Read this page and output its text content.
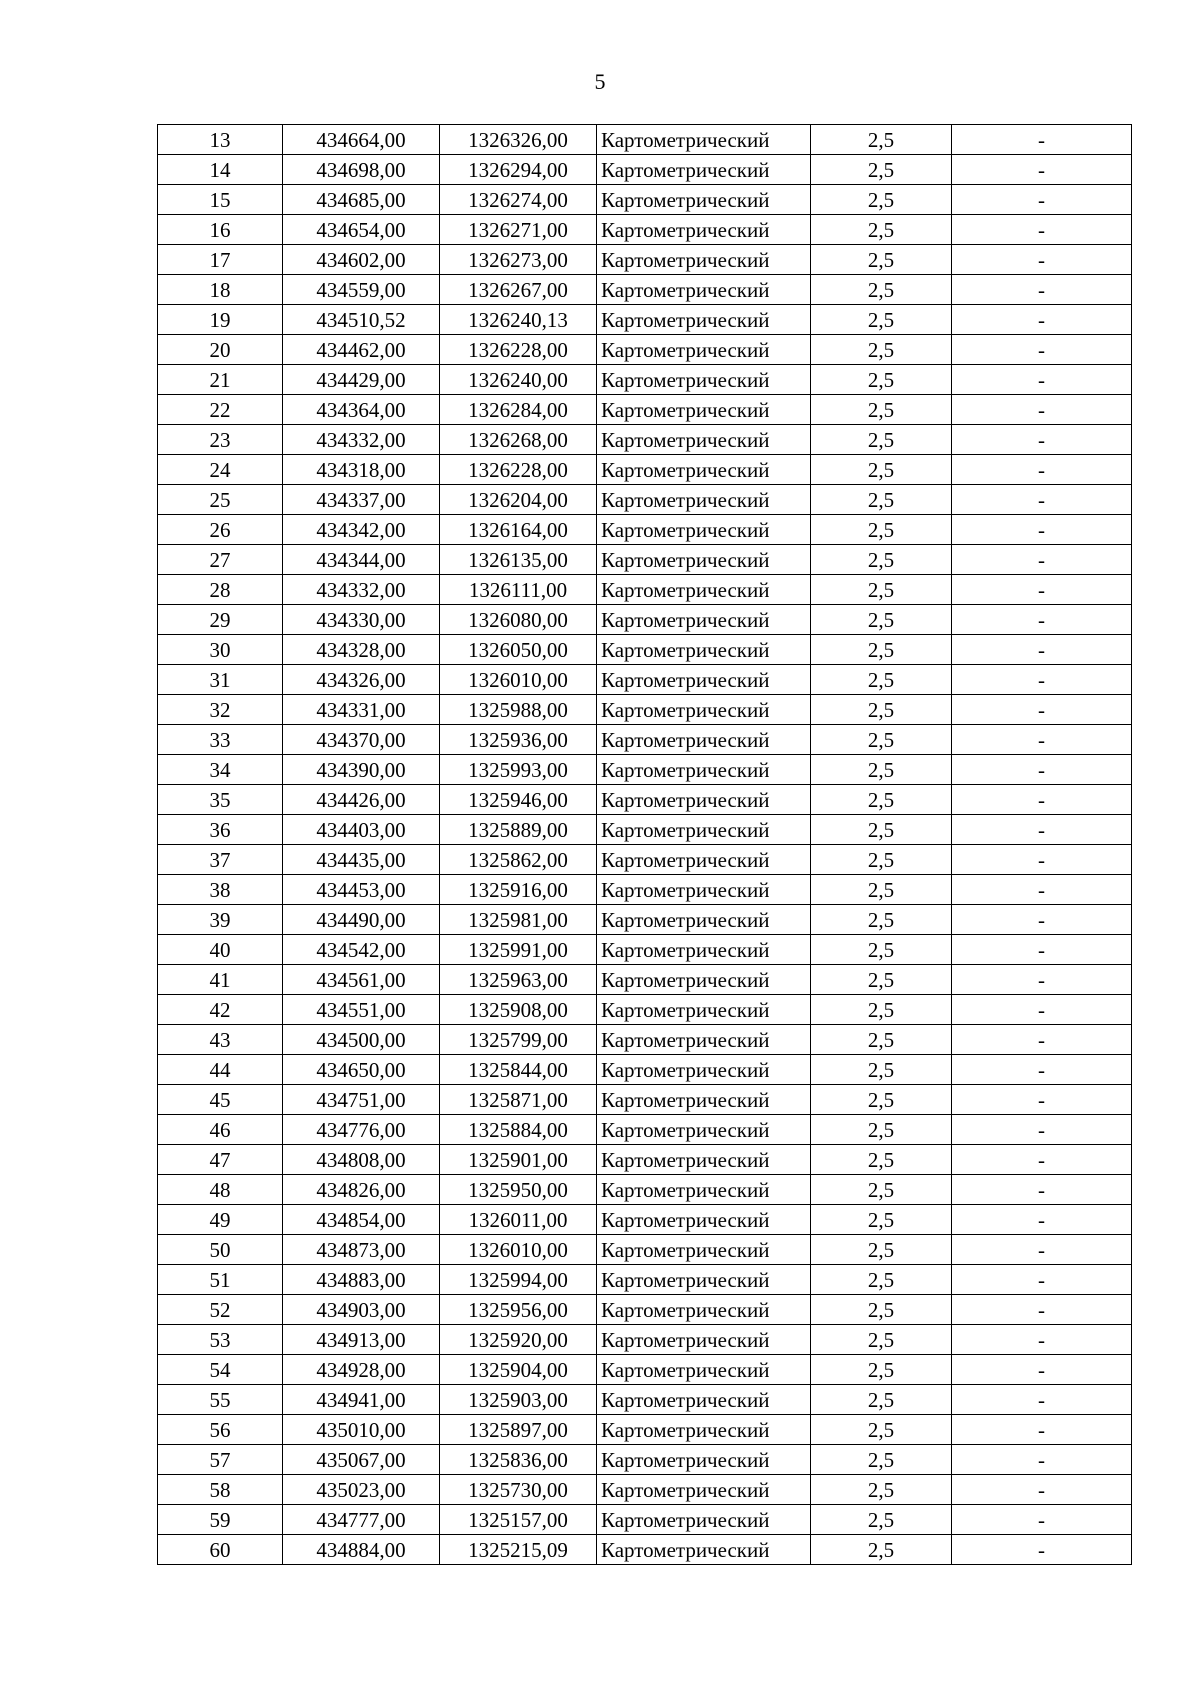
5
13	434664,00	1326326,00	Картометрический	2,5	-
14	434698,00	1326294,00	Картометрический	2,5	-
15	434685,00	1326274,00	Картометрический	2,5	-
16	434654,00	1326271,00	Картометрический	2,5	-
17	434602,00	1326273,00	Картометрический	2,5	-
18	434559,00	1326267,00	Картометрический	2,5	-
19	434510,52	1326240,13	Картометрический	2,5	-
20	434462,00	1326228,00	Картометрический	2,5	-
21	434429,00	1326240,00	Картометрический	2,5	-
22	434364,00	1326284,00	Картометрический	2,5	-
23	434332,00	1326268,00	Картометрический	2,5	-
24	434318,00	1326228,00	Картометрический	2,5	-
25	434337,00	1326204,00	Картометрический	2,5	-
26	434342,00	1326164,00	Картометрический	2,5	-
27	434344,00	1326135,00	Картометрический	2,5	-
28	434332,00	1326111,00	Картометрический	2,5	-
29	434330,00	1326080,00	Картометрический	2,5	-
30	434328,00	1326050,00	Картометрический	2,5	-
31	434326,00	1326010,00	Картометрический	2,5	-
32	434331,00	1325988,00	Картометрический	2,5	-
33	434370,00	1325936,00	Картометрический	2,5	-
34	434390,00	1325993,00	Картометрический	2,5	-
35	434426,00	1325946,00	Картометрический	2,5	-
36	434403,00	1325889,00	Картометрический	2,5	-
37	434435,00	1325862,00	Картометрический	2,5	-
38	434453,00	1325916,00	Картометрический	2,5	-
39	434490,00	1325981,00	Картометрический	2,5	-
40	434542,00	1325991,00	Картометрический	2,5	-
41	434561,00	1325963,00	Картометрический	2,5	-
42	434551,00	1325908,00	Картометрический	2,5	-
43	434500,00	1325799,00	Картометрический	2,5	-
44	434650,00	1325844,00	Картометрический	2,5	-
45	434751,00	1325871,00	Картометрический	2,5	-
46	434776,00	1325884,00	Картометрический	2,5	-
47	434808,00	1325901,00	Картометрический	2,5	-
48	434826,00	1325950,00	Картометрический	2,5	-
49	434854,00	1326011,00	Картометрический	2,5	-
50	434873,00	1326010,00	Картометрический	2,5	-
51	434883,00	1325994,00	Картометрический	2,5	-
52	434903,00	1325956,00	Картометрический	2,5	-
53	434913,00	1325920,00	Картометрический	2,5	-
54	434928,00	1325904,00	Картометрический	2,5	-
55	434941,00	1325903,00	Картометрический	2,5	-
56	435010,00	1325897,00	Картометрический	2,5	-
57	435067,00	1325836,00	Картометрический	2,5	-
58	435023,00	1325730,00	Картометрический	2,5	-
59	434777,00	1325157,00	Картометрический	2,5	-
60	434884,00	1325215,09	Картометрический	2,5	-
